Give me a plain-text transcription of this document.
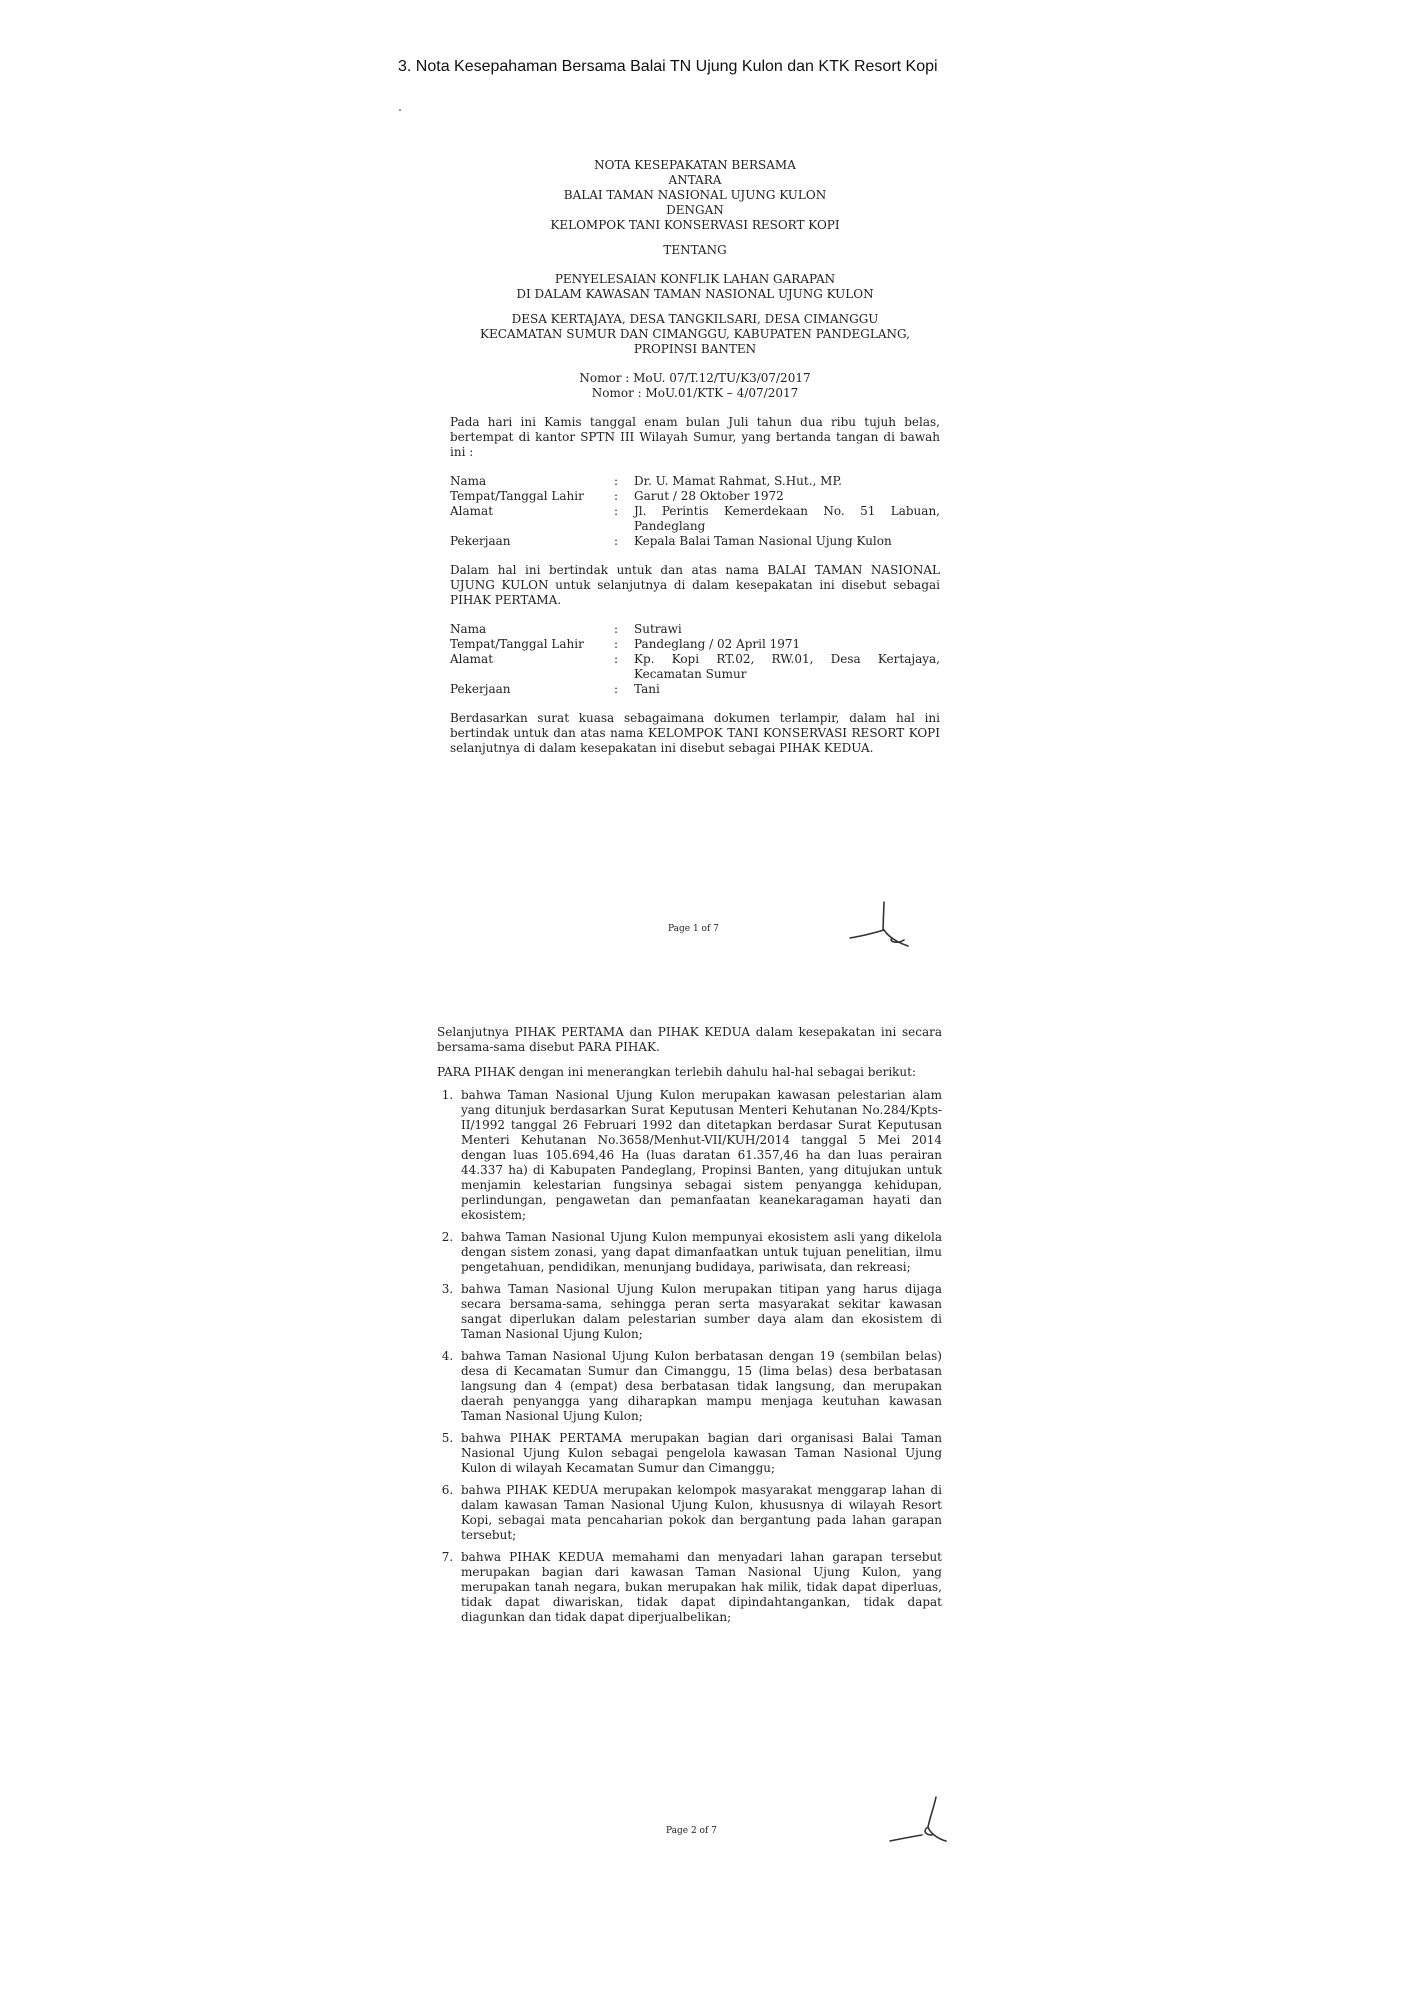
3. Nota Kesepahaman Bersama Balai TN Ujung Kulon dan KTK Resort Kopi
NOTA KESEPAKATAN BERSAMA
ANTARA
BALAI TAMAN NASIONAL UJUNG KULON
DENGAN
KELOMPOK TANI KONSERVASI RESORT KOPI
TENTANG
PENYELESAIAN KONFLIK LAHAN GARAPAN
DI DALAM KAWASAN TAMAN NASIONAL UJUNG KULON
DESA KERTAJAYA, DESA TANGKILSARI, DESA CIMANGGU
KECAMATAN SUMUR DAN CIMANGGU, KABUPATEN PANDEGLANG,
PROPINSI BANTEN
Nomor : MoU. 07/T.12/TU/K3/07/2017
Nomor : MoU.01/KTK – 4/07/2017

Pada hari ini Kamis tanggal enam bulan Juli tahun dua ribu tujuh belas, bertempat di kantor SPTN III Wilayah Sumur, yang bertanda tangan di bawah ini :

Nama	:	Dr. U. Mamat Rahmat, S.Hut., MP.
Tempat/Tanggal Lahir	:	Garut / 28 Oktober 1972
Alamat	:	Jl. Perintis Kemerdekaan No. 51 Labuan, Pandeglang
Pekerjaan	:	Kepala Balai Taman Nasional Ujung Kulon

Dalam hal ini bertindak untuk dan atas nama BALAI TAMAN NASIONAL UJUNG KULON untuk selanjutnya di dalam kesepakatan ini disebut sebagai PIHAK PERTAMA.

Nama	:	Sutrawi
Tempat/Tanggal Lahir	:	Pandeglang / 02 April 1971
Alamat	:	Kp. Kopi RT.02, RW.01, Desa Kertajaya, Kecamatan Sumur
Pekerjaan	:	Tani

Berdasarkan surat kuasa sebagaimana dokumen terlampir, dalam hal ini bertindak untuk dan atas nama KELOMPOK TANI KONSERVASI RESORT KOPI selanjutnya di dalam kesepakatan ini disebut sebagai PIHAK KEDUA.

Page 1 of 7

Selanjutnya PIHAK PERTAMA dan PIHAK KEDUA dalam kesepakatan ini secara bersama-sama disebut PARA PIHAK.

PARA PIHAK dengan ini menerangkan terlebih dahulu hal-hal sebagai berikut:

1. bahwa Taman Nasional Ujung Kulon merupakan kawasan pelestarian alam yang ditunjuk berdasarkan Surat Keputusan Menteri Kehutanan No.284/Kpts-II/1992 tanggal 26 Februari 1992 dan ditetapkan berdasar Surat Keputusan Menteri Kehutanan No.3658/Menhut-VII/KUH/2014 tanggal 5 Mei 2014 dengan luas 105.694,46 Ha (luas daratan 61.357,46 ha dan luas perairan 44.337 ha) di Kabupaten Pandeglang, Propinsi Banten, yang ditujukan untuk menjamin kelestarian fungsinya sebagai sistem penyangga kehidupan, perlindungan, pengawetan dan pemanfaatan keanekaragaman hayati dan ekosistem;
2. bahwa Taman Nasional Ujung Kulon mempunyai ekosistem asli yang dikelola dengan sistem zonasi, yang dapat dimanfaatkan untuk tujuan penelitian, ilmu pengetahuan, pendidikan, menunjang budidaya, pariwisata, dan rekreasi;
3. bahwa Taman Nasional Ujung Kulon merupakan titipan yang harus dijaga secara bersama-sama, sehingga peran serta masyarakat sekitar kawasan sangat diperlukan dalam pelestarian sumber daya alam dan ekosistem di Taman Nasional Ujung Kulon;
4. bahwa Taman Nasional Ujung Kulon berbatasan dengan 19 (sembilan belas) desa di Kecamatan Sumur dan Cimanggu, 15 (lima belas) desa berbatasan langsung dan 4 (empat) desa berbatasan tidak langsung, dan merupakan daerah penyangga yang diharapkan mampu menjaga keutuhan kawasan Taman Nasional Ujung Kulon;
5. bahwa PIHAK PERTAMA merupakan bagian dari organisasi Balai Taman Nasional Ujung Kulon sebagai pengelola kawasan Taman Nasional Ujung Kulon di wilayah Kecamatan Sumur dan Cimanggu;
6. bahwa PIHAK KEDUA merupakan kelompok masyarakat menggarap lahan di dalam kawasan Taman Nasional Ujung Kulon, khususnya di wilayah Resort Kopi, sebagai mata pencaharian pokok dan bergantung pada lahan garapan tersebut;
7. bahwa PIHAK KEDUA memahami dan menyadari lahan garapan tersebut merupakan bagian dari kawasan Taman Nasional Ujung Kulon, yang merupakan tanah negara, bukan merupakan hak milik, tidak dapat diperluas, tidak dapat diwariskan, tidak dapat dipindahtangankan, tidak dapat diagunkan dan tidak dapat diperjualbelikan;
Page 2 of 7
